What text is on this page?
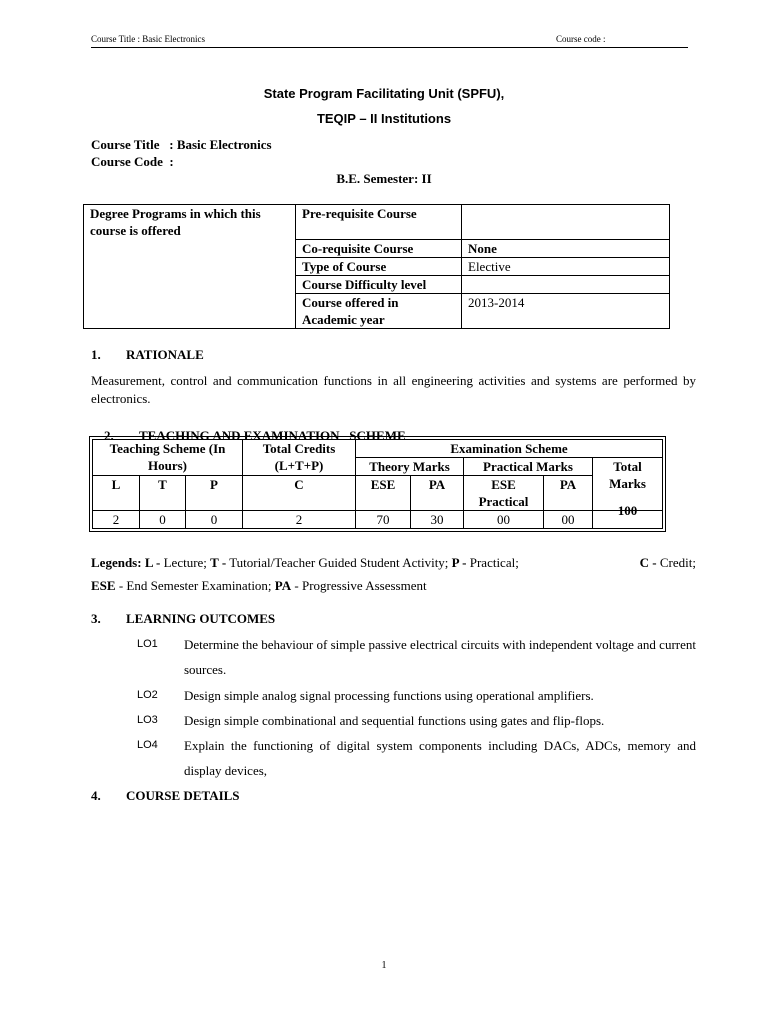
Course Title : Basic Electronics	Course code :
State Program Facilitating Unit (SPFU),
TEQIP – II Institutions
Course Title   : Basic Electronics
Course Code  :
B.E. Semester: II
Degree Programs in which this course is offered	Pre-requisite Course	
	Co-requisite Course	None
	Type of Course	Elective
	Course Difficulty level	
	Course offered in Academic year	2013-2014
1. RATIONALE
Measurement, control and communication functions in all engineering activities and systems are performed by electronics.

2. TEACHING AND EXAMINATION   SCHEME

Teaching Scheme (In Hours)			Total Credits (L+T+P)	Examination Scheme				
				Theory Marks		Practical Marks		Total Marks
L	T	P	C	ESE	PA	ESE Practical	PA	
2	0	0	2	70	30	00	00	100
Legends: L - Lecture; T - Tutorial/Teacher Guided Student Activity; P - Practical;	C - Credit;
ESE - End Semester Examination; PA - Progressive Assessment
3. LEARNING OUTCOMES
LO1 Determine the behaviour of simple passive electrical circuits with independent voltage and current sources.
LO2 Design simple analog signal processing functions using operational amplifiers.
LO3 Design simple combinational and sequential functions using gates and flip-flops.
LO4 Explain the functioning of digital system components including DACs, ADCs, memory and display devices,
4. COURSE DETAILS
1
